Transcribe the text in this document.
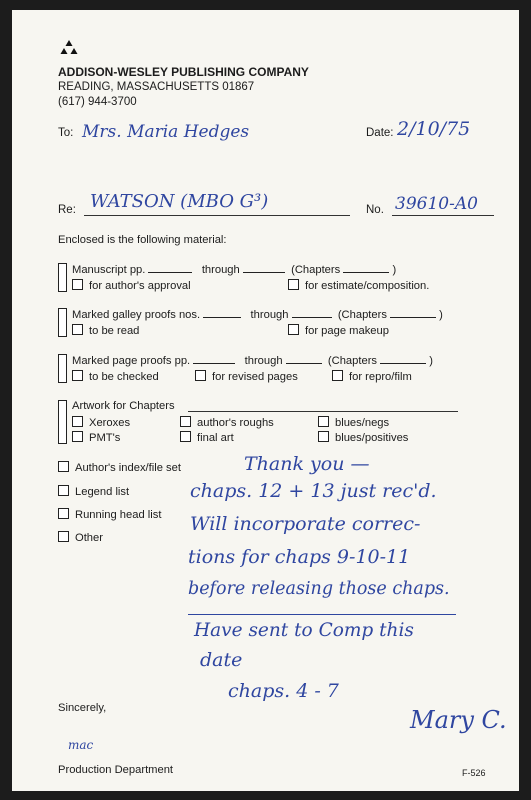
ADDISON-WESLEY PUBLISHING COMPANY
READING, MASSACHUSETTS 01867
(617) 944-3700
To: Mrs. Maria Hedges	Date: 2/10/75
Re: WATSON (MBO G³)	No. 39610-A0
Enclosed is the following material:
Manuscript pp.	through	(Chapters	)
for author's approval	for estimate/composition.
Marked galley proofs nos.	through	(Chapters	)
to be read	for page makeup
Marked page proofs pp.	through	(Chapters	)
to be checked	for revised pages	for repro/film
Artwork for Chapters
Xeroxes	author's roughs	blues/negs
PMT's	final art	blues/positives
Author's index/file set
Legend list
Running head list
Other
Thank you —
chaps. 12 + 13 just rec'd.
Will incorporate correc-
tions for chaps 9-10-11
before releasing those chaps.
Have sent to Comp this
date
chaps. 4 - 7
Sincerely,	Mary C.
mac
Production Department	F-526
